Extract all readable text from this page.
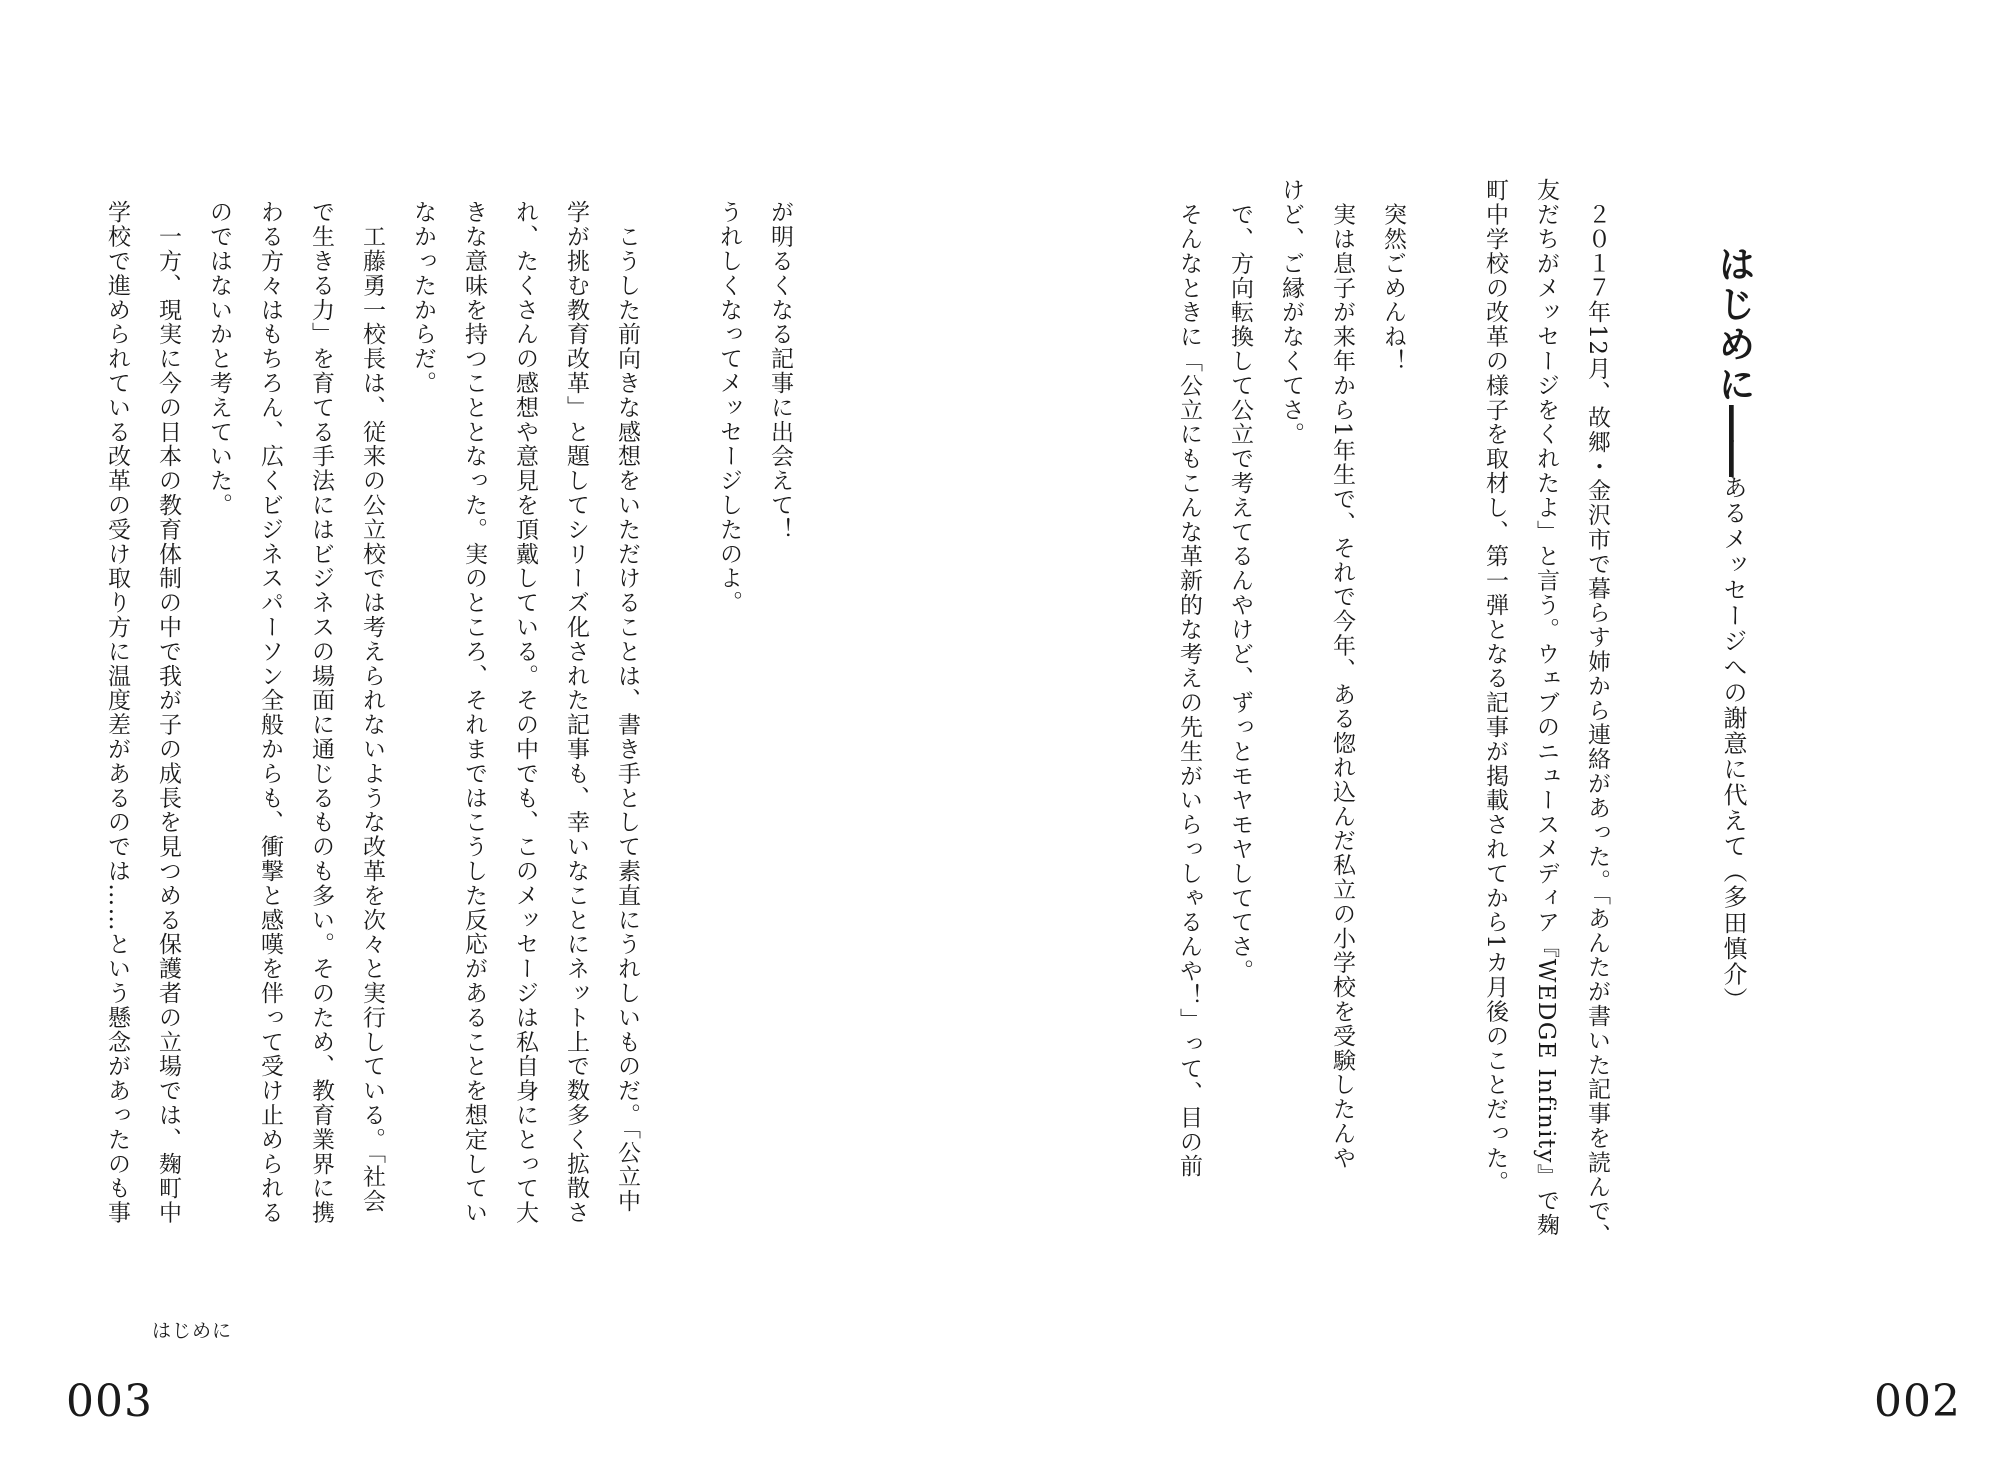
はじめに――あるメッセージへの謝意に代えて（多田慎介）
　２０１７年12月、故郷・金沢市で暮らす姉から連絡があった。「あんたが書いた記事を読んで、
友だちがメッセージをくれたよ」と言う。ウェブのニュースメディア『WEDGE Infinity』で麹
町中学校の改革の様子を取材し、第一弾となる記事が掲載されてから1カ月後のことだった。
　突然ごめんね！
　実は息子が来年から1年生で、それで今年、ある惚れ込んだ私立の小学校を受験したんや
けど、ご縁がなくてさ。
　で、方向転換して公立で考えてるんやけど、ずっとモヤモヤしててさ。
　そんなときに「公立にもこんな革新的な考えの先生がいらっしゃるんや！」って、目の前
002
が明るくなる記事に出会えて！
うれしくなってメッセージしたのよ。
　こうした前向きな感想をいただけることは、書き手として素直にうれしいものだ。「公立中
学が挑む教育改革」と題してシリーズ化された記事も、幸いなことにネット上で数多く拡散さ
れ、たくさんの感想や意見を頂戴している。その中でも、このメッセージは私自身にとって大
きな意味を持つこととなった。実のところ、それまではこうした反応があることを想定してい
なかったからだ。
　工藤勇一校長は、従来の公立校では考えられないような改革を次々と実行している。「社会
で生きる力」を育てる手法にはビジネスの場面に通じるものも多い。そのため、教育業界に携
わる方々はもちろん、広くビジネスパーソン全般からも、衝撃と感嘆を伴って受け止められる
のではないかと考えていた。
　一方、現実に今の日本の教育体制の中で我が子の成長を見つめる保護者の立場では、麹町中
学校で進められている改革の受け取り方に温度差があるのでは……という懸念があったのも事
はじめに
003
